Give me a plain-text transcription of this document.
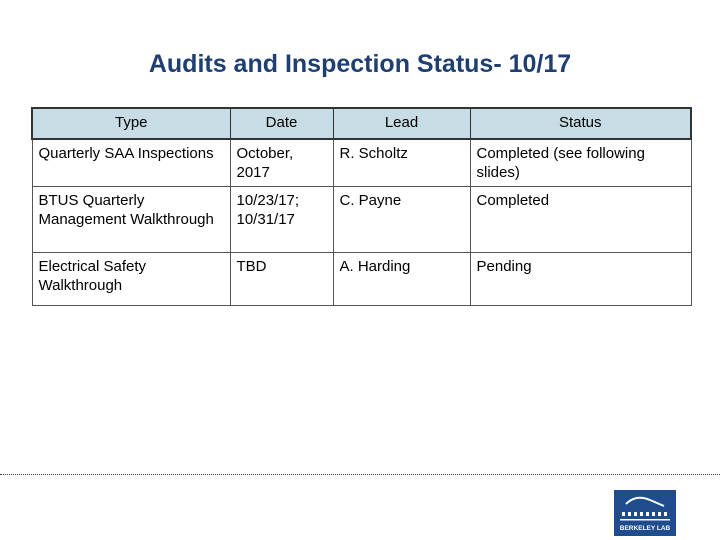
Audits and Inspection Status- 10/17
Type	Date	Lead	Status
Quarterly SAA Inspections	October, 2017	R. Scholtz	Completed (see following slides)
BTUS Quarterly Management Walkthrough	10/23/17; 10/31/17	C. Payne	Completed
Electrical Safety Walkthrough	TBD	A. Harding	Pending
BERKELEY LAB
